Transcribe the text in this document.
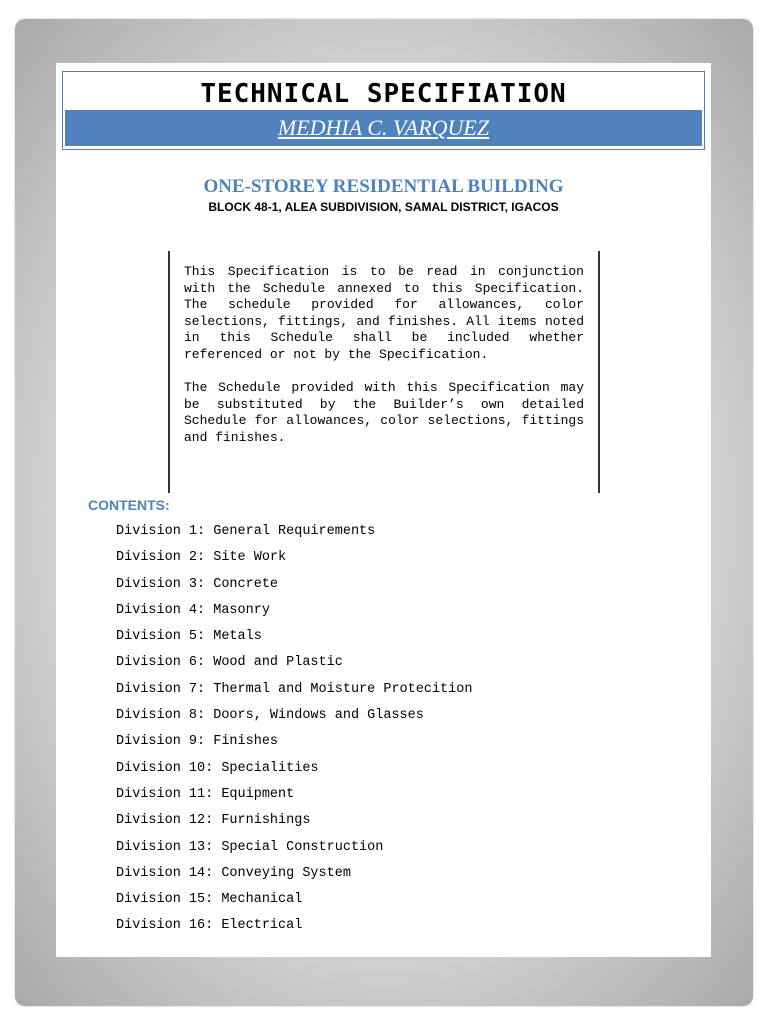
TECHNICAL SPECIFIATION
MEDHIA C. VARQUEZ
ONE-STOREY RESIDENTIAL BUILDING
BLOCK 48-1, ALEA SUBDIVISION, SAMAL DISTRICT, IGACOS

This Specification is to be read in conjunction with the Schedule annexed to this Specification. The schedule provided for allowances, color selections, fittings, and finishes. All items noted in this Schedule shall be included whether referenced or not by the Specification.

The Schedule provided with this Specification may be substituted by the Builder’s own detailed Schedule for allowances, color selections, fittings and finishes.

CONTENTS:
Division 1: General Requirements
Division 2: Site Work
Division 3: Concrete
Division 4: Masonry
Division 5: Metals
Division 6: Wood and Plastic
Division 7: Thermal and Moisture Protecition
Division 8: Doors, Windows and Glasses
Division 9: Finishes
Division 10: Specialities
Division 11: Equipment
Division 12: Furnishings
Division 13: Special Construction
Division 14: Conveying System
Division 15: Mechanical
Division 16: Electrical
